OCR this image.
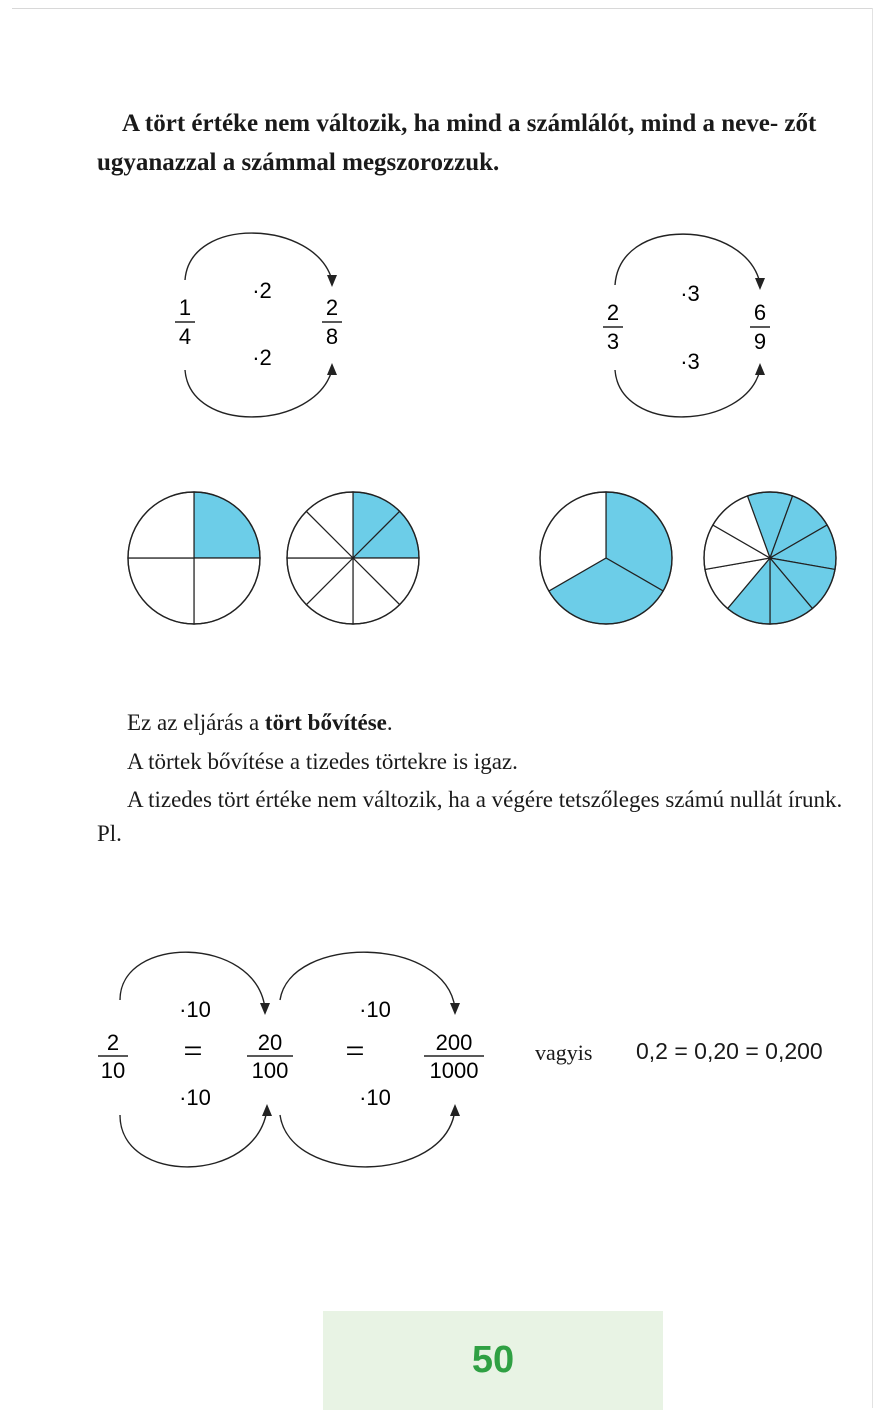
A tört értéke nem változik, ha mind a számlálót, mind a neve- zőt ugyanazzal a számmal megszorozzuk.

·2
·2
1
4
2
8
·3
·3
2
3
6
9

Ez az eljárás a tört bővítése.

A törtek bővítése a tizedes törtekre is igaz.

A tizedes tört értéke nem változik, ha a végére tetszőleges számú nullát írunk. Pl.

·10	·10
·10	·10
2
10
=	20
100
=	200
1000
vagyis 0,2 = 0,20 = 0,200
50
